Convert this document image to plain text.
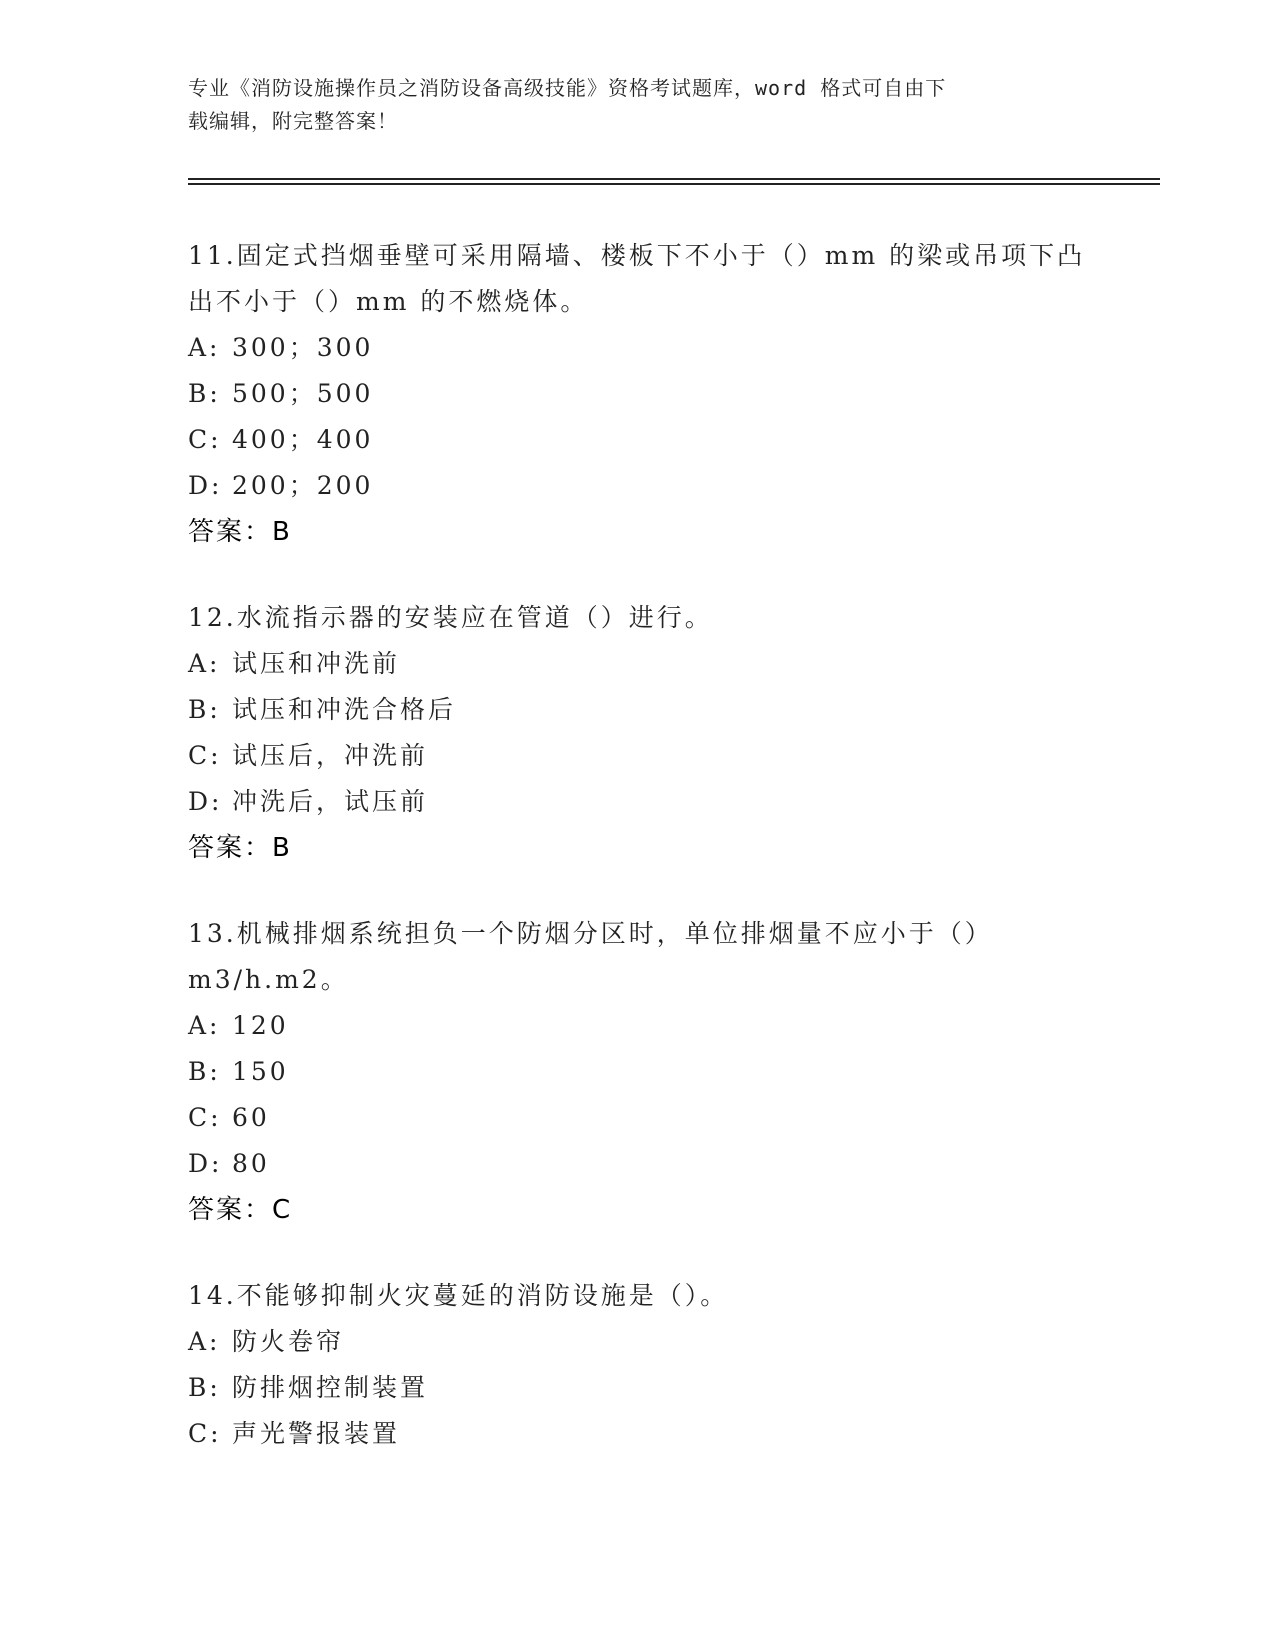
专业《消防设施操作员之消防设备高级技能》资格考试题库，word 格式可自由下
载编辑，附完整答案！

11.固定式挡烟垂壁可采用隔墙、楼板下不小于（）mm 的梁或吊项下凸

出不小于（）mm 的不燃烧体。

A: 300；300

B: 500；500

C: 400；400

D: 200；200

答案：B

12.水流指示器的安装应在管道（）进行。

A: 试压和冲洗前

B: 试压和冲洗合格后

C: 试压后，冲洗前

D: 冲洗后，试压前

答案：B

13.机械排烟系统担负一个防烟分区时，单位排烟量不应小于（）

m3/h.m2。

A: 120

B: 150

C: 60

D: 80

答案：C

14.不能够抑制火灾蔓延的消防设施是（）。

A: 防火卷帘

B: 防排烟控制装置

C: 声光警报装置
